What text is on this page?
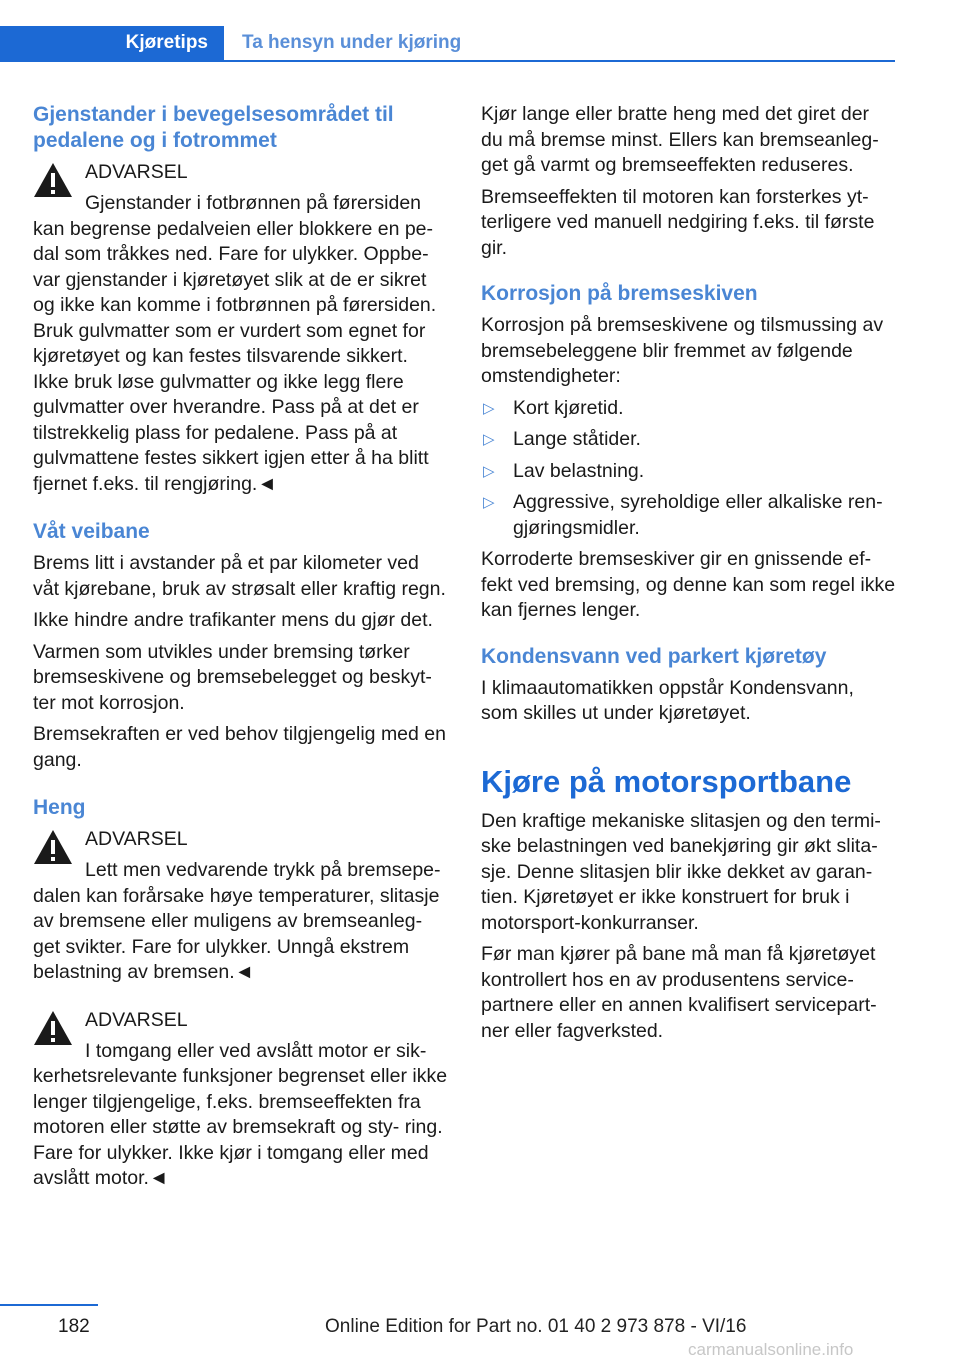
Kjøretips	Ta hensyn under kjøring
Gjenstander i bevegelsesområdet til pedalene og i fotrommet
ADVARSEL
Gjenstander i fotbrønnen på førersiden
kan begrense pedalveien eller blokkere en pe- dal som tråkkes ned. Fare for ulykker. Oppbe- var gjenstander i kjøretøyet slik at de er sikret og ikke kan komme i fotbrønnen på førersiden. Bruk gulvmatter som er vurdert som egnet for kjøretøyet og kan festes tilsvarende sikkert. Ikke bruk løse gulvmatter og ikke legg flere gulvmatter over hverandre. Pass på at det er tilstrekkelig plass for pedalene. Pass på at gulvmattene festes sikkert igjen etter å ha blitt fjernet f.eks. til rengjøring.◄
Våt veibane

Brems litt i avstander på et par kilometer ved våt kjørebane, bruk av strøsalt eller kraftig regn.

Ikke hindre andre trafikanter mens du gjør det.

Varmen som utvikles under bremsing tørker bremseskivene og bremsebelegget og beskyt- ter mot korrosjon.

Bremsekraften er ved behov tilgjengelig med en gang.

Heng
ADVARSEL
Lett men vedvarende trykk på bremsepe-
dalen kan forårsake høye temperaturer, slitasje av bremsene eller muligens av bremseanleg- get svikter. Fare for ulykker. Unngå ekstrem belastning av bremsen.◄
ADVARSEL
I tomgang eller ved avslått motor er sik-
kerhetsrelevante funksjoner begrenset eller ikke lenger tilgjengelige, f.eks. bremseeffekten fra motoren eller støtte av bremsekraft og sty- ring. Fare for ulykker. Ikke kjør i tomgang eller med avslått motor.◄

Kjør lange eller bratte heng med det giret der du må bremse minst. Ellers kan bremseanleg- get gå varmt og bremseeffekten reduseres.

Bremseeffekten til motoren kan forsterkes yt- terligere ved manuell nedgiring f.eks. til første gir.

Korrosjon på bremseskiven

Korrosjon på bremseskivene og tilsmussing av bremsebeleggene blir fremmet av følgende omstendigheter:

▷ Kort kjøretid.
▷ Lange ståtider.
▷ Lav belastning.
▷ Aggressive, syreholdige eller alkaliske ren- gjøringsmidler.

Korroderte bremseskiver gir en gnissende ef- fekt ved bremsing, og denne kan som regel ikke kan fjernes lenger.

Kondensvann ved parkert kjøretøy

I klimaautomatikken oppstår Kondensvann, som skilles ut under kjøretøyet.

Kjøre på motorsportbane

Den kraftige mekaniske slitasjen og den termi- ske belastningen ved banekjøring gir økt slita- sje. Denne slitasjen blir ikke dekket av garan- tien. Kjøretøyet er ikke konstruert for bruk i motorsport-konkurranser.

Før man kjører på bane må man få kjøretøyet kontrollert hos en av produsentens service- partnere eller en annen kvalifisert servicepart- ner eller fagverksted.

182	Online Edition for Part no. 01 40 2 973 878 - VI/16
carmanualsonline.info
